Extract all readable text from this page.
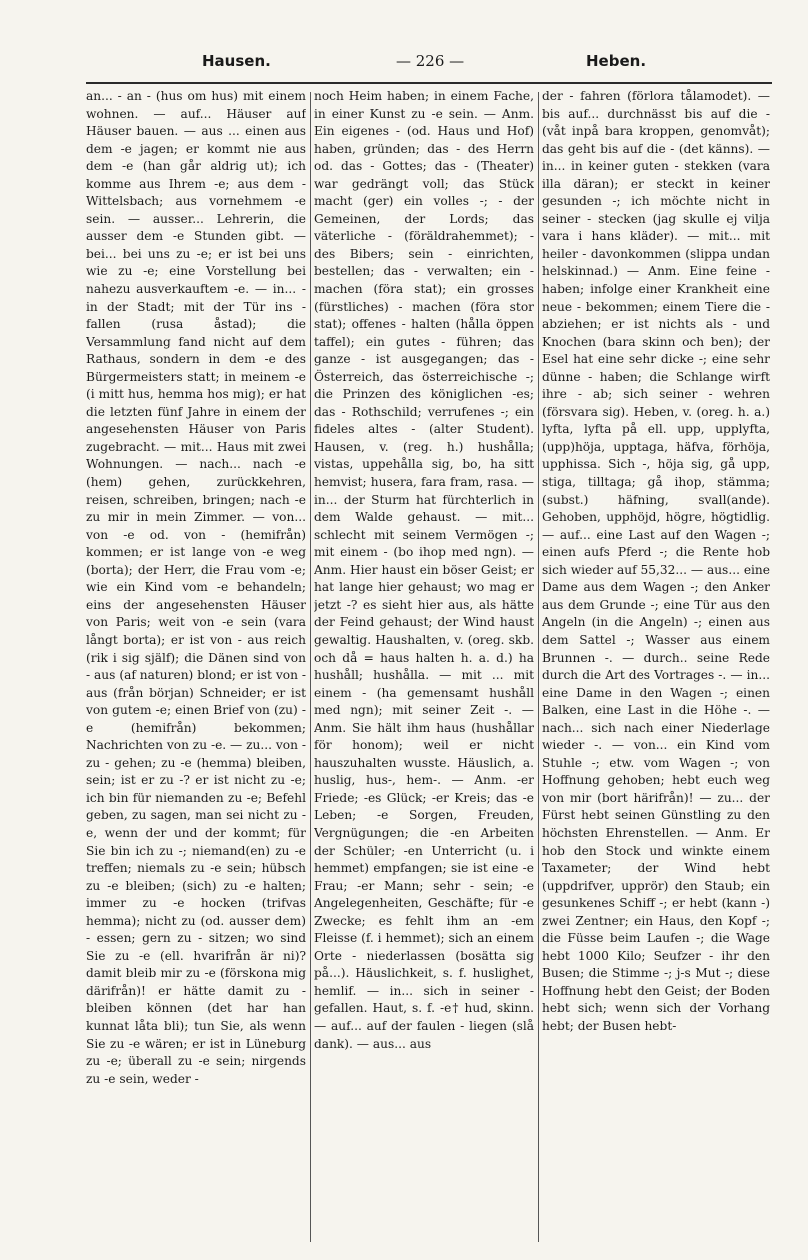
Hausen.	— 226 —	Heben.

an... - an - (hus om hus) mit einem wohnen. — auf... Häuser auf Häuser bauen. — aus ... einen aus dem -e jagen; er kommt nie aus dem -e (han går aldrig ut); ich komme aus Ihrem -e; aus dem - Wittelsbach; aus vornehmem -e sein. — ausser... Lehrerin, die ausser dem -e Stunden gibt. — bei... bei uns zu -e; er ist bei uns wie zu -e; eine Vorstellung bei nahezu ausverkauftem -e. — in... - in der Stadt; mit der Tür ins - fallen (rusa åstad); die Versammlung fand nicht auf dem Rathaus, sondern in dem -e des Bürgermeisters statt; in meinem -e (i mitt hus, hemma hos mig); er hat die letzten fünf Jahre in einem der angesehensten Häuser von Paris zugebracht. — mit... Haus mit zwei Wohnungen. — nach... nach -e (hem) gehen, zurückkehren, reisen, schreiben, bringen; nach -e zu mir in mein Zimmer. — von... von -e od. von - (hemifrån) kommen; er ist lange von -e weg (borta); der Herr, die Frau vom -e; wie ein Kind vom -e behandeln; eins der angesehensten Häuser von Paris; weit von -e sein (vara långt borta); er ist von - aus reich (rik i sig själf); die Dänen sind von - aus (af naturen) blond; er ist von - aus (från början) Schneider; er ist von gutem -e; einen Brief von (zu) -e (hemifrån) bekommen; Nachrichten von zu -e. — zu... von - zu - gehen; zu -e (hemma) bleiben, sein; ist er zu -? er ist nicht zu -e; ich bin für niemanden zu -e; Befehl geben, zu sagen, man sei nicht zu -e, wenn der und der kommt; für Sie bin ich zu -; niemand(en) zu -e treffen; niemals zu -e sein; hübsch zu -e bleiben; (sich) zu -e halten; immer zu -e hocken (trifvas hemma); nicht zu (od. ausser dem) - essen; gern zu - sitzen; wo sind Sie zu -e (ell. hvarifrån är ni)? damit bleib mir zu -e (förskona mig därifrån)! er hätte damit zu - bleiben können (det har han kunnat låta bli); tun Sie, als wenn Sie zu -e wären; er ist in Lüneburg zu -e; überall zu -e sein; nirgends zu -e sein, weder -

noch Heim haben; in einem Fache, in einer Kunst zu -e sein. — Anm. Ein eigenes - (od. Haus und Hof) haben, gründen; das - des Herrn od. das - Gottes; das - (Theater) war gedrängt voll; das Stück macht (ger) ein volles -; - der Gemeinen, der Lords; das väterliche - (föräldrahemmet); - des Bibers; sein - einrichten, bestellen; das - verwalten; ein - machen (föra stat); ein grosses (fürstliches) - machen (föra stor stat); offenes - halten (hålla öppen taffel); ein gutes - führen; das ganze - ist ausgegangen; das - Österreich, das österreichische -; die Prinzen des königlichen -es; das - Rothschild; verrufenes -; ein fideles altes - (alter Student). Hausen, v. (reg. h.) hushålla; vistas, uppehålla sig, bo, ha sitt hemvist; husera, fara fram, rasa. — in... der Sturm hat fürchterlich in dem Walde gehaust. — mit... schlecht mit seinem Vermögen -; mit einem - (bo ihop med ngn). — Anm. Hier haust ein böser Geist; er hat lange hier gehaust; wo mag er jetzt -? es sieht hier aus, als hätte der Feind gehaust; der Wind haust gewaltig. Haushalten, v. (oreg. skb. och då = haus halten h. a. d.) ha hushåll; hushålla. — mit ... mit einem - (ha gemensamt hushåll med ngn); mit seiner Zeit -. — Anm. Sie hält ihm haus (hushållar för honom); weil er nicht hauszuhalten wusste. Häuslich, a. huslig, hus-, hem-. — Anm. -er Friede; -es Glück; -er Kreis; das -e Leben; -e Sorgen, Freuden, Vergnügungen; die -en Arbeiten der Schüler; -en Unterricht (u. i hemmet) empfangen; sie ist eine -e Frau; -er Mann; sehr - sein; -e Angelegenheiten, Geschäfte; für -e Zwecke; es fehlt ihm an -em Fleisse (f. i hemmet); sich an einem Orte - niederlassen (bosätta sig på...). Häuslichkeit, s. f. huslighet, hemlif. — in... sich in seiner - gefallen. Haut, s. f. -e† hud, skinn. — auf... auf der faulen - liegen (slå dank). — aus... aus

der - fahren (förlora tålamodet). — bis auf... durchnässt bis auf die - (våt inpå bara kroppen, genomvåt); das geht bis auf die - (det känns). — in... in keiner guten - stekken (vara illa däran); er steckt in keiner gesunden -; ich möchte nicht in seiner - stecken (jag skulle ej vilja vara i hans kläder). — mit... mit heiler - davonkommen (slippa undan helskinnad.) — Anm. Eine feine - haben; infolge einer Krankheit eine neue - bekommen; einem Tiere die - abziehen; er ist nichts als - und Knochen (bara skinn och ben); der Esel hat eine sehr dicke -; eine sehr dünne - haben; die Schlange wirft ihre - ab; sich seiner - wehren (försvara sig). Heben, v. (oreg. h. a.) lyfta, lyfta på ell. upp, upplyfta, (upp)höja, upptaga, häfva, förhöja, upphissa. Sich -, höja sig, gå upp, stiga, tilltaga; gå ihop, stämma; (subst.) häfning, svall(ande). Gehoben, upphöjd, högre, högtidlig. — auf... eine Last auf den Wagen -; einen aufs Pferd -; die Rente hob sich wieder auf 55,32... — aus... eine Dame aus dem Wagen -; den Anker aus dem Grunde -; eine Tür aus den Angeln (in die Angeln) -; einen aus dem Sattel -; Wasser aus einem Brunnen -. — durch.. seine Rede durch die Art des Vortrages -. — in... eine Dame in den Wagen -; einen Balken, eine Last in die Höhe -. — nach... sich nach einer Niederlage wieder -. — von... ein Kind vom Stuhle -; etw. vom Wagen -; von Hoffnung gehoben; hebt euch weg von mir (bort härifrån)! — zu... der Fürst hebt seinen Günstling zu den höchsten Ehrenstellen. — Anm. Er hob den Stock und winkte einem Taxameter; der Wind hebt (uppdrifver, upprör) den Staub; ein gesunkenes Schiff -; er hebt (kann -) zwei Zentner; ein Haus, den Kopf -; die Füsse beim Laufen -; die Wage hebt 1000 Kilo; Seufzer - ihr den Busen; die Stimme -; j-s Mut -; diese Hoffnung hebt den Geist; der Boden hebt sich; wenn sich der Vorhang hebt; der Busen hebt-
